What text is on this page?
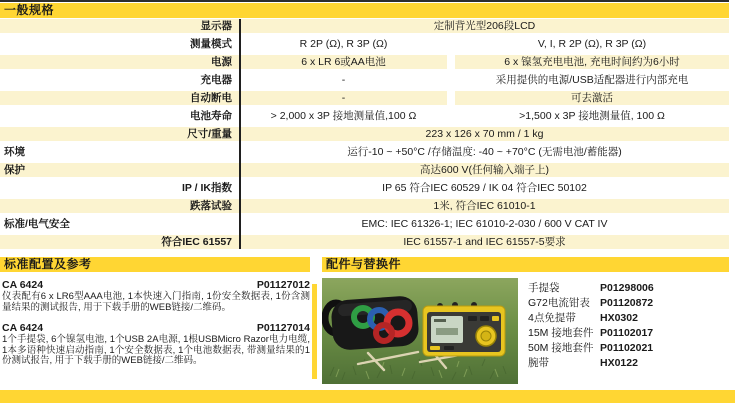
一般规格
显示器	定制背光型206段LCD
测量模式	R 2P (Ω), R 3P (Ω)	V, I, R 2P (Ω), R 3P (Ω)
电源	6 x LR 6或AA电池	6 x 镍氢充电电池, 充电时间约为6小时
充电器	-	采用提供的电源/USB适配器进行内部充电
自动断电	-	可去激活
电池寿命	> 2,000 x 3P 接地测量值,100 Ω	>1,500 x 3P 接地测量值, 100 Ω
尺寸/重量	223 x 126 x 70 mm / 1 kg
环境	运行-10 ~ +50°C /存储温度: -40 ~ +70°C (无需电池/蓄能器)
保护	高达600 V(任何输入端子上)
IP / IK指数	IP 65 符合IEC 60529 / IK 04 符合IEC 50102
跌落试验	1米, 符合IEC 61010-1
标准/电气安全	EMC: IEC 61326-1; IEC 61010-2-030 / 600 V CAT IV
符合IEC 61557	IEC 61557-1 and IEC 61557-5要求
标准配置及参考
CA 6424	P01127012
仪表配有6 x LR6型AAA电池, 1本快速入门指南, 1份安全数据表, 1份含测量结果的测试报告, 用于下载手册的WEB链接/二维码。
CA 6424	P01127014
1个手提袋, 6个镍氢电池, 1个USB 2A电源, 1根USBMicro Razor电力电缆, 1本多语种快速启动指南, 1个安全数据表, 1个电池数据表, 带测量结果的1份测试报告, 用于下载手册的WEB链接/二维码。
配件与替换件
手提袋	P01298006
G72电流钳表 P01120872
4点免提带	HX0302
15M 接地套件 P01102017
50M 接地套件 P01102021
腕带	HX0122
